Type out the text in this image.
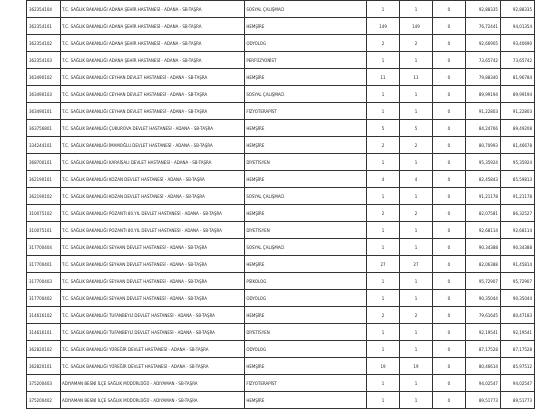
362354104	T.C. SAĞLIK BAKANLIĞI ADANA ŞEHİR HASTANESİ - ADANA - SB-TAŞRA	SOSYAL ÇALIŞMACI	1	1	0	92,88335	92,88335
362354101	T.C. SAĞLIK BAKANLIĞI ADANA ŞEHİR HASTANESİ - ADANA - SB-TAŞRA	HEMŞİRE	149	149	0	76,72441	94,01354
362354102	T.C. SAĞLIK BAKANLIĞI ADANA ŞEHİR HASTANESİ - ADANA - SB-TAŞRA	ODYOLOG	2	2	0	92,66905	93,40690
362354103	T.C. SAĞLIK BAKANLIĞI ADANA ŞEHİR HASTANESİ - ADANA - SB-TAŞRA	PERFÜZYONİST	1	1	0	73,65742	73,65742
363490102	T.C. SAĞLIK BAKANLIĞI CEYHAN DEVLET HASTANESİ - ADANA - SB-TAŞRA	HEMŞİRE	11	11	0	79,88340	81,96784
363490103	T.C. SAĞLIK BAKANLIĞI CEYHAN DEVLET HASTANESİ - ADANA - SB-TAŞRA	SOSYAL ÇALIŞMACI	1	1	0	89,99194	89,99194
363490101	T.C. SAĞLIK BAKANLIĞI CEYHAN DEVLET HASTANESİ - ADANA - SB-TAŞRA	FİZYOTERAPİST	1	1	0	91,22803	91,22803
363756801	T.C. SAĞLIK BAKANLIĞI ÇUKUROVA DEVLET HASTANESİ - ADANA - SB-TAŞRA	HEMŞİRE	5	5	0	84,24766	89,49208
334244101	T.C. SAĞLIK BAKANLIĞI İMAMOĞLU DEVLET HASTANESİ - ADANA - SB-TAŞRA	HEMŞİRE	2	2	0	80,70993	81,46678
368700101	T.C. SAĞLIK BAKANLIĞI KARAİSALI DEVLET HASTANESİ - ADANA - SB-TAŞRA	DİYETİSYEN	1	1	0	95,35924	95,35924
362190101	T.C. SAĞLIK BAKANLIĞI KOZAN DEVLET HASTANESİ - ADANA - SB-TAŞRA	HEMŞİRE	4	4	0	82,45843	85,59813
362190102	T.C. SAĞLIK BAKANLIĞI KOZAN DEVLET HASTANESİ - ADANA - SB-TAŞRA	SOSYAL ÇALIŞMACI	1	1	0	91,21178	91,21178
310075102	T.C. SAĞLIK BAKANLIĞI POZANTI 80.YIL DEVLET HASTANESİ - ADANA - SB-TAŞRA	HEMŞİRE	2	2	0	82,07581	86,32527
310075101	T.C. SAĞLIK BAKANLIĞI POZANTI 80.YIL DEVLET HASTANESİ - ADANA - SB-TAŞRA	DİYETİSYEN	1	1	0	92,68114	92,68114
317700404	T.C. SAĞLIK BAKANLIĞI SEYHAN DEVLET HASTANESİ - ADANA - SB-TAŞRA	SOSYAL ÇALIŞMACI	1	1	0	90,34388	90,34388
317700401	T.C. SAĞLIK BAKANLIĞI SEYHAN DEVLET HASTANESİ - ADANA - SB-TAŞRA	HEMŞİRE	27	27	0	82,06388	91,45814
317700403	T.C. SAĞLIK BAKANLIĞI SEYHAN DEVLET HASTANESİ - ADANA - SB-TAŞRA	PSİKOLOG	1	1	0	95,72907	95,72907
317700402	T.C. SAĞLIK BAKANLIĞI SEYHAN DEVLET HASTANESİ - ADANA - SB-TAŞRA	ODYOLOG	1	1	0	90,35044	90,35044
314616102	T.C. SAĞLIK BAKANLIĞI TUFANBEYLİ DEVLET HASTANESİ - ADANA - SB-TAŞRA	HEMŞİRE	2	2	0	79,61645	80,47183
314616101	T.C. SAĞLIK BAKANLIĞI TUFANBEYLİ DEVLET HASTANESİ - ADANA - SB-TAŞRA	DİYETİSYEN	1	1	0	92,19541	92,19541
362820102	T.C. SAĞLIK BAKANLIĞI YÜREĞİR DEVLET HASTANESİ - ADANA - SB-TAŞRA	ODYOLOG	1	1	0	87,17528	87,17528
362820101	T.C. SAĞLIK BAKANLIĞI YÜREĞİR DEVLET HASTANESİ - ADANA - SB-TAŞRA	HEMŞİRE	19	19	0	80,46614	85,97512
375200403	ADIYAMAN BESNİ İLÇE SAĞLIK MÜDÜRLÜĞÜ - ADIYAMAN - SB-TAŞRA	FİZYOTERAPİST	1	1	0	94,02547	94,02547
375200402	ADIYAMAN BESNİ İLÇE SAĞLIK MÜDÜRLÜĞÜ - ADIYAMAN - SB-TAŞRA	HEMŞİRE	1	1	0	89,51773	89,51773
